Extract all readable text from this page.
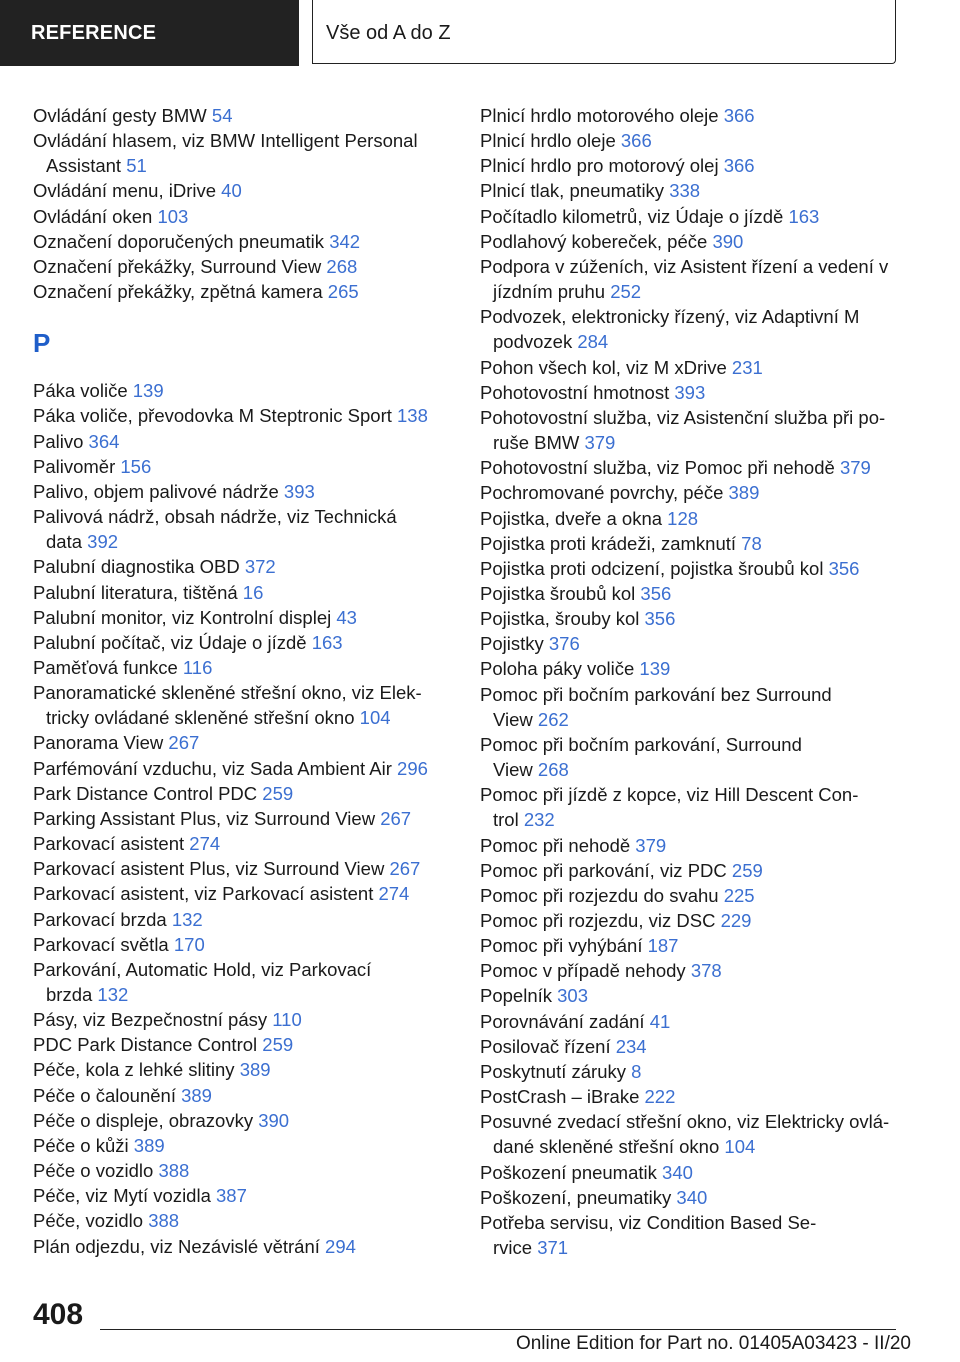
REFERENCE	Vše od A do Z
Ovládání gesty BMW 54
Ovládání hlasem, viz BMW Intelligent Personal
Assistant 51
Ovládání menu, iDrive 40
Ovládání oken 103
Označení doporučených pneumatik 342
Označení překážky, Surround View 268
Označení překážky, zpětná kamera 265
P
Páka voliče 139
Páka voliče, převodovka M Steptronic Sport 138
Palivo 364
Palivoměr 156
Palivo, objem palivové nádrže 393
Palivová nádrž, obsah nádrže, viz Technická
data 392
Palubní diagnostika OBD 372
Palubní literatura, tištěná 16
Palubní monitor, viz Kontrolní displej 43
Palubní počítač, viz Údaje o jízdě 163
Paměťová funkce 116
Panoramatické skleněné střešní okno, viz Elek‐
tricky ovládané skleněné střešní okno 104
Panorama View 267
Parfémování vzduchu, viz Sada Ambient Air 296
Park Distance Control PDC 259
Parking Assistant Plus, viz Surround View 267
Parkovací asistent 274
Parkovací asistent Plus, viz Surround View 267
Parkovací asistent, viz Parkovací asistent 274
Parkovací brzda 132
Parkovací světla 170
Parkování, Automatic Hold, viz Parkovací
brzda 132
Pásy, viz Bezpečnostní pásy 110
PDC Park Distance Control 259
Péče, kola z lehké slitiny 389
Péče o čalounění 389
Péče o displeje, obrazovky 390
Péče o kůži 389
Péče o vozidlo 388
Péče, viz Mytí vozidla 387
Péče, vozidlo 388
Plán odjezdu, viz Nezávislé větrání 294
Plnicí hrdlo motorového oleje 366
Plnicí hrdlo oleje 366
Plnicí hrdlo pro motorový olej 366
Plnicí tlak, pneumatiky 338
Počítadlo kilometrů, viz Údaje o jízdě 163
Podlahový kobereček, péče 390
Podpora v zúženích, viz Asistent řízení a vedení v
jízdním pruhu 252
Podvozek, elektronicky řízený, viz Adaptivní M
podvozek 284
Pohon všech kol, viz M xDrive 231
Pohotovostní hmotnost 393
Pohotovostní služba, viz Asistenční služba při po‐
ruše BMW 379
Pohotovostní služba, viz Pomoc při nehodě 379
Pochromované povrchy, péče 389
Pojistka, dveře a okna 128
Pojistka proti krádeži, zamknutí 78
Pojistka proti odcizení, pojistka šroubů kol 356
Pojistka šroubů kol 356
Pojistka, šrouby kol 356
Pojistky 376
Poloha páky voliče 139
Pomoc při bočním parkování bez Surround
View 262
Pomoc při bočním parkování, Surround
View 268
Pomoc při jízdě z kopce, viz Hill Descent Con‐
trol 232
Pomoc při nehodě 379
Pomoc při parkování, viz PDC 259
Pomoc při rozjezdu do svahu 225
Pomoc při rozjezdu, viz DSC 229
Pomoc při vyhýbání 187
Pomoc v případě nehody 378
Popelník 303
Porovnávání zadání 41
Posilovač řízení 234
Poskytnutí záruky 8
PostCrash – iBrake 222
Posuvné zvedací střešní okno, viz Elektricky ovlá‐
dané skleněné střešní okno 104
Poškození pneumatik 340
Poškození, pneumatiky 340
Potřeba servisu, viz Condition Based Se‐
rvice 371
408
Online Edition for Part no. 01405A03423 - II/20
